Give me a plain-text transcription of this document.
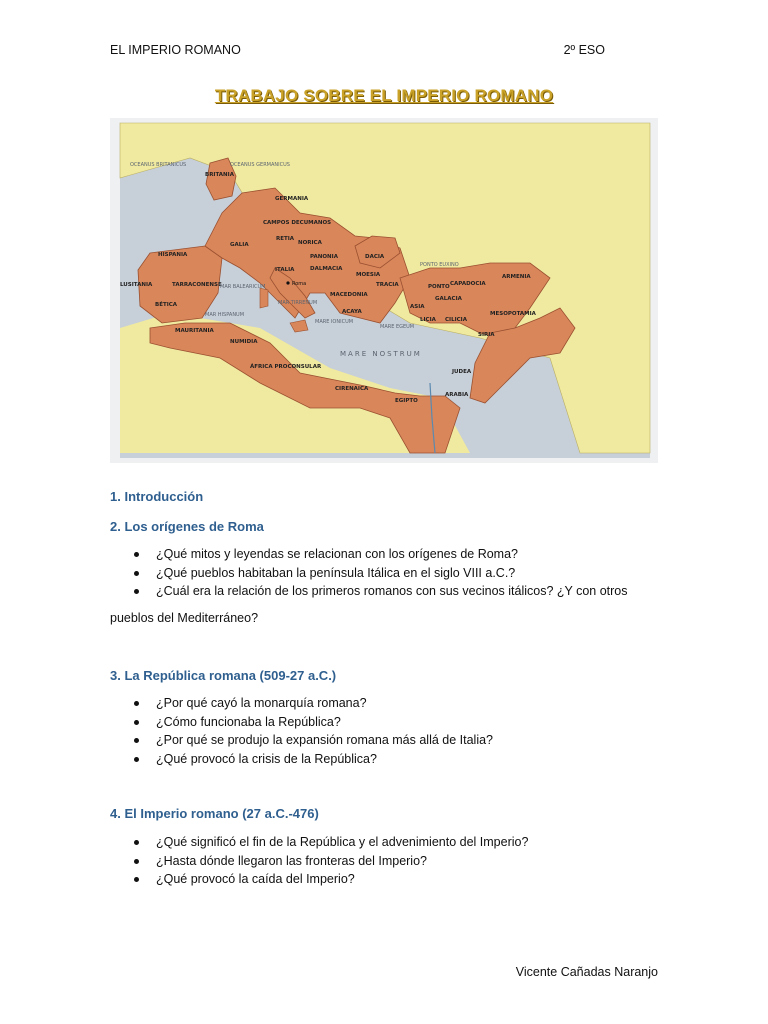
EL IMPERIO ROMANO	2º ESO
TRABAJO SOBRE EL IMPERIO ROMANO
BRITANIA
GERMANIA
GALIA
HISPANIA
LUSITANIA	TARRACONENSE
BÉTICA
MAURITANIA
NUMIDIA
ÁFRICA PROCONSULAR
ITALIA
RETIA
NORICA
PANONIA
DALMACIA
DACIA
MOESIA
TRACIA
MACEDONIA
ACAYA
ASIA
GALACIA
CAPADOCIA
PONTO
LICIA CILICIA
ARMENIA
MESOPOTAMIA
SIRIA
JUDEA
ARABIA
EGIPTO
CIRENAICA
CAMPOS DECUMANOS
OCEANUS BRITANICUS	OCEANUS GERMANICUS
PONTO EUXINO
MARE NOSTRUM
MAR TIRRENUM
MAR BALEARICUM
MAR HISPANUM
MARE IONICUM
MARE EGEUM
Roma
1. Introducción
2. Los orígenes de Roma
¿Qué mitos y leyendas se relacionan con los orígenes de Roma?
¿Qué pueblos habitaban la península Itálica en el siglo VIII a.C.?
¿Cuál era la relación de los primeros romanos con sus vecinos itálicos? ¿Y con otros
pueblos del Mediterráneo?
3. La República romana (509-27 a.C.)
¿Por qué cayó la monarquía romana?
¿Cómo funcionaba la República?
¿Por qué se produjo la expansión romana más allá de Italia?
¿Qué provocó la crisis de la República?
4. El Imperio romano (27 a.C.-476)
¿Qué significó el fin de la República y el advenimiento del Imperio?
¿Hasta dónde llegaron las fronteras del Imperio?
¿Qué provocó la caída del Imperio?
Vicente Cañadas Naranjo
